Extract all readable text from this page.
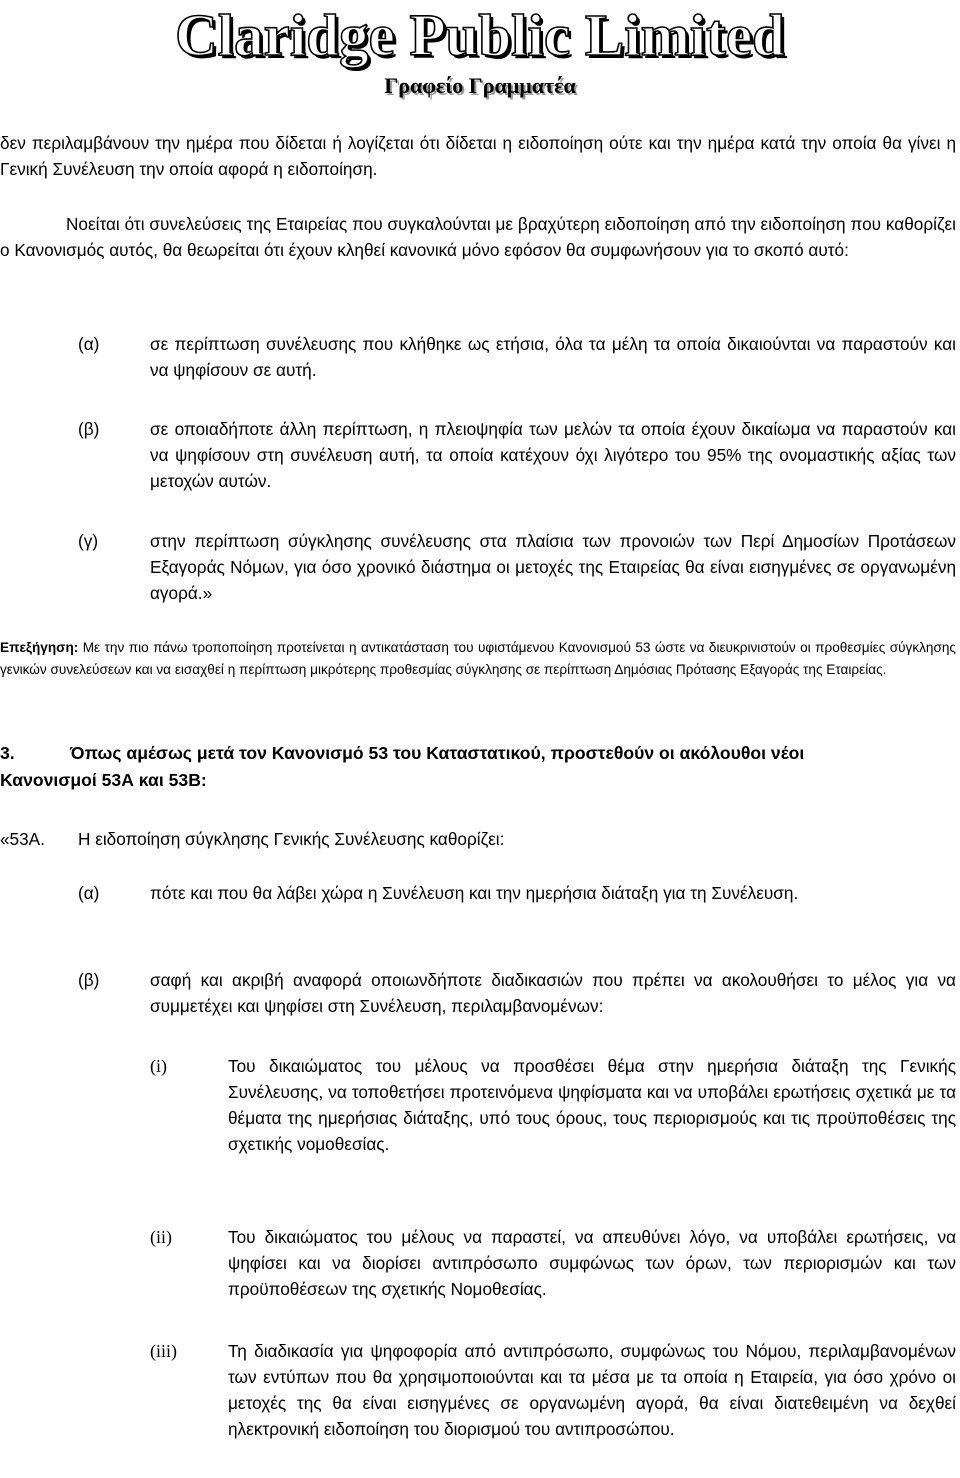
Claridge Public Limited
Γραφείο Γραμματέα
δεν περιλαμβάνουν την ημέρα που δίδεται ή λογίζεται ότι δίδεται η ειδοποίηση ούτε και την ημέρα κατά την οποία θα γίνει η Γενική Συνέλευση την οποία αφορά η ειδοποίηση.
Νοείται ότι συνελεύσεις της Εταιρείας που συγκαλούνται με βραχύτερη ειδοποίηση από την ειδοποίηση που καθορίζει ο Κανονισμός αυτός, θα θεωρείται ότι έχουν κληθεί κανονικά μόνο εφόσον θα συμφωνήσουν για το σκοπό αυτό:
(α)	σε περίπτωση συνέλευσης που κλήθηκε ως ετήσια, όλα τα μέλη τα οποία δικαιούνται να παραστούν και να ψηφίσουν σε αυτή.
(β)	σε οποιαδήποτε άλλη περίπτωση, η πλειοψηφία των μελών τα οποία έχουν δικαίωμα να παραστούν και να ψηφίσουν στη συνέλευση αυτή, τα οποία κατέχουν όχι λιγότερο του 95% της ονομαστικής αξίας των μετοχών αυτών.
(γ)	στην περίπτωση σύγκλησης συνέλευσης στα πλαίσια των προνοιών των Περί Δημοσίων Προτάσεων Εξαγοράς Νόμων, για όσο χρονικό διάστημα οι μετοχές της Εταιρείας θα είναι εισηγμένες σε οργανωμένη αγορά.»
Επεξήγηση: Με την πιο πάνω τροποποίηση προτείνεται η αντικατάσταση του υφιστάμενου Κανονισμού 53 ώστε να διευκρινιστούν οι προθεσμίες σύγκλησης γενικών συνελεύσεων και να εισαχθεί η περίπτωση μικρότερης προθεσμίας σύγκλησης σε περίπτωση Δημόσιας Πρότασης Εξαγοράς της Εταιρείας.
3.	Όπως αμέσως μετά τον Κανονισμό 53 του Καταστατικού, προστεθούν οι ακόλουθοι νέοι
Κανονισμοί 53Α και 53Β:
«53Α. Η ειδοποίηση σύγκλησης Γενικής Συνέλευσης καθορίζει:
(α)	πότε και που θα λάβει χώρα η Συνέλευση και την ημερήσια διάταξη για τη Συνέλευση.
(β)	σαφή και ακριβή αναφορά οποιωνδήποτε διαδικασιών που πρέπει να ακολουθήσει το μέλος για να συμμετέχει και ψηφίσει στη Συνέλευση, περιλαμβανομένων:
(i)	Του δικαιώματος του μέλους να προσθέσει θέμα στην ημερήσια διάταξη της Γενικής Συνέλευσης, να τοποθετήσει προτεινόμενα ψηφίσματα και να υποβάλει ερωτήσεις σχετικά με τα θέματα της ημερήσιας διάταξης, υπό τους όρους, τους περιορισμούς και τις προϋποθέσεις της σχετικής νομοθεσίας.
(ii)	Του δικαιώματος του μέλους να παραστεί, να απευθύνει λόγο, να υποβάλει ερωτήσεις, να ψηφίσει και να διορίσει αντιπρόσωπο συμφώνως των όρων, των περιορισμών και των προϋποθέσεων της σχετικής Νομοθεσίας.
(iii)	Τη διαδικασία για ψηφοφορία από αντιπρόσωπο, συμφώνως του Νόμου, περιλαμβανομένων των εντύπων που θα χρησιμοποιούνται και τα μέσα με τα οποία η Εταιρεία, για όσο χρόνο οι μετοχές της θα είναι εισηγμένες σε οργανωμένη αγορά, θα είναι διατεθειμένη να δεχθεί ηλεκτρονική ειδοποίηση του διορισμού του αντιπροσώπου.
